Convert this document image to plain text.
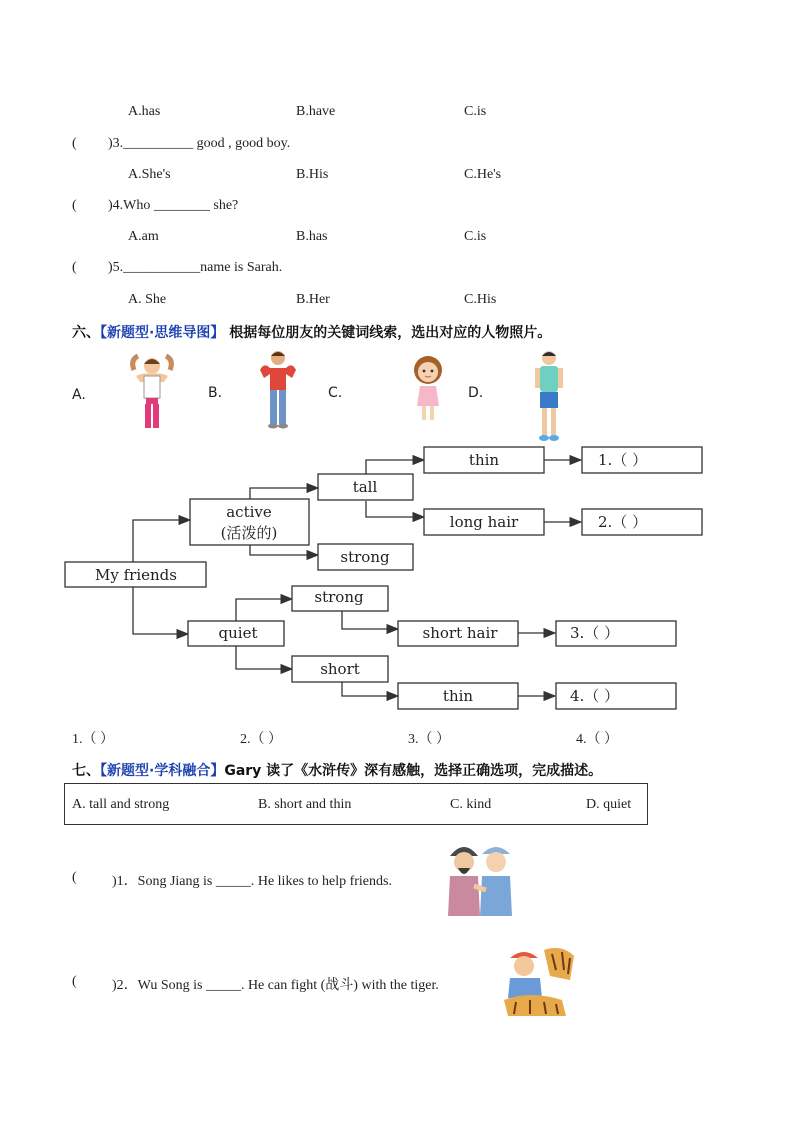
A.has	B.have	C.is
( )3.__________ good , good boy.
A.She's	B.His	C.He's
( )4.Who ________ she?
A.am	B.has	C.is
( )5.___________name is Sarah.
A. She	B.Her	C.His
六、【新题型·思维导图】 根据每位朋友的关键词线索，选出对应的人物照片。
A.	B.	C.	D.
My friends
active
(活泼的)
tall
strong
thin
long hair
1.（ ）
2.（ ）
quiet
strong
short
short hair
thin
3.（ ）
4.（ ）
1.（ ）	2.（ ）	3.（ ）	4.（ ）
七、【新题型·学科融合】Gary 读了《水浒传》深有感触，选择正确选项，完成描述。
A. tall and strong	B. short and thin	C. kind	D. quiet
(	)1．Song Jiang is _____. He likes to help friends.
(	)2．Wu Song is _____. He can fight (战斗) with the tiger.
